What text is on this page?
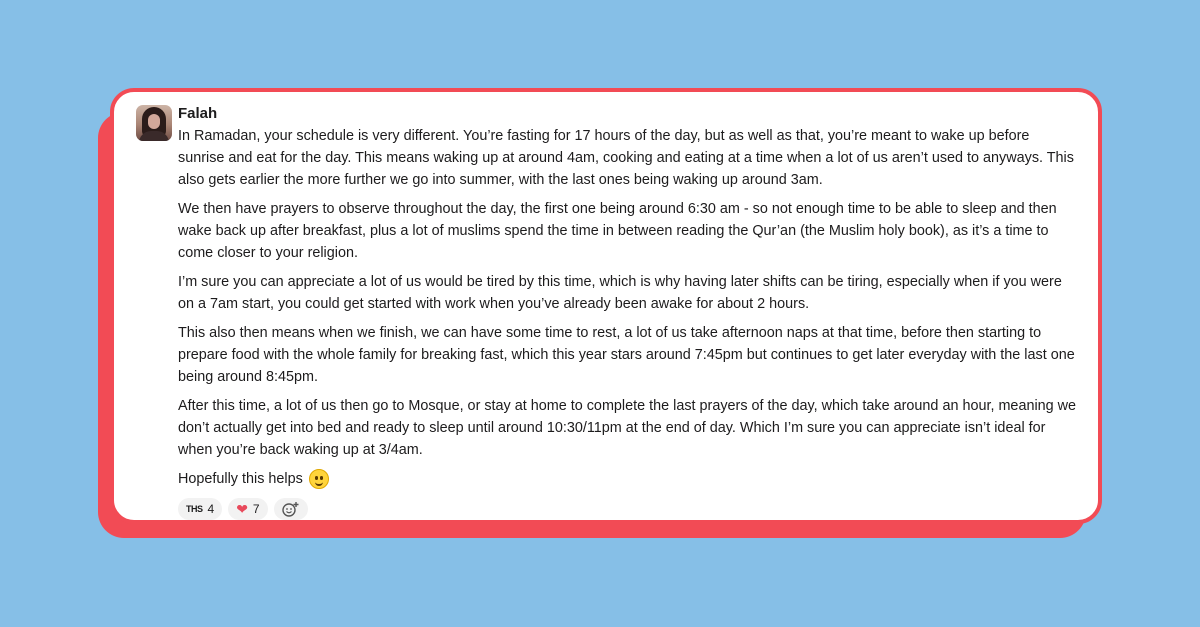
Falah

In Ramadan, your schedule is very different. You’re fasting for 17 hours of the day, but as well as that, you’re meant to wake up before sunrise and eat for the day. This means waking up at around 4am, cooking and eating at a time when a lot of us aren’t used to anyways. This also gets earlier the more further we go into summer, with the last ones being waking up around 3am.

We then have prayers to observe throughout the day, the first one being around 6:30 am - so not enough time to be able to sleep and then wake back up after breakfast, plus a lot of muslims spend the time in between reading the Qur’an (the Muslim holy book), as it’s a time to come closer to your religion.

I’m sure you can appreciate a lot of us would be tired by this time, which is why having later shifts can be tiring, especially when if you were on a 7am start, you could get started with work when you’ve already been awake for about 2 hours.

This also then means when we finish, we can have some time to rest, a lot of us take afternoon naps at that time, before then starting to prepare food with the whole family for breaking fast, which this year stars around 7:45pm but continues to get later everyday with the last one being around 8:45pm.

After this time, a lot of us then go to Mosque, or stay at home to complete the last prayers of the day, which take around an hour, meaning we don’t actually get into bed and ready to sleep until around 10:30/11pm at the end of day. Which I’m sure you can appreciate isn’t ideal for when you’re back waking up at 3/4am.

Hopefully this helps
THS 4 ❤ 7
